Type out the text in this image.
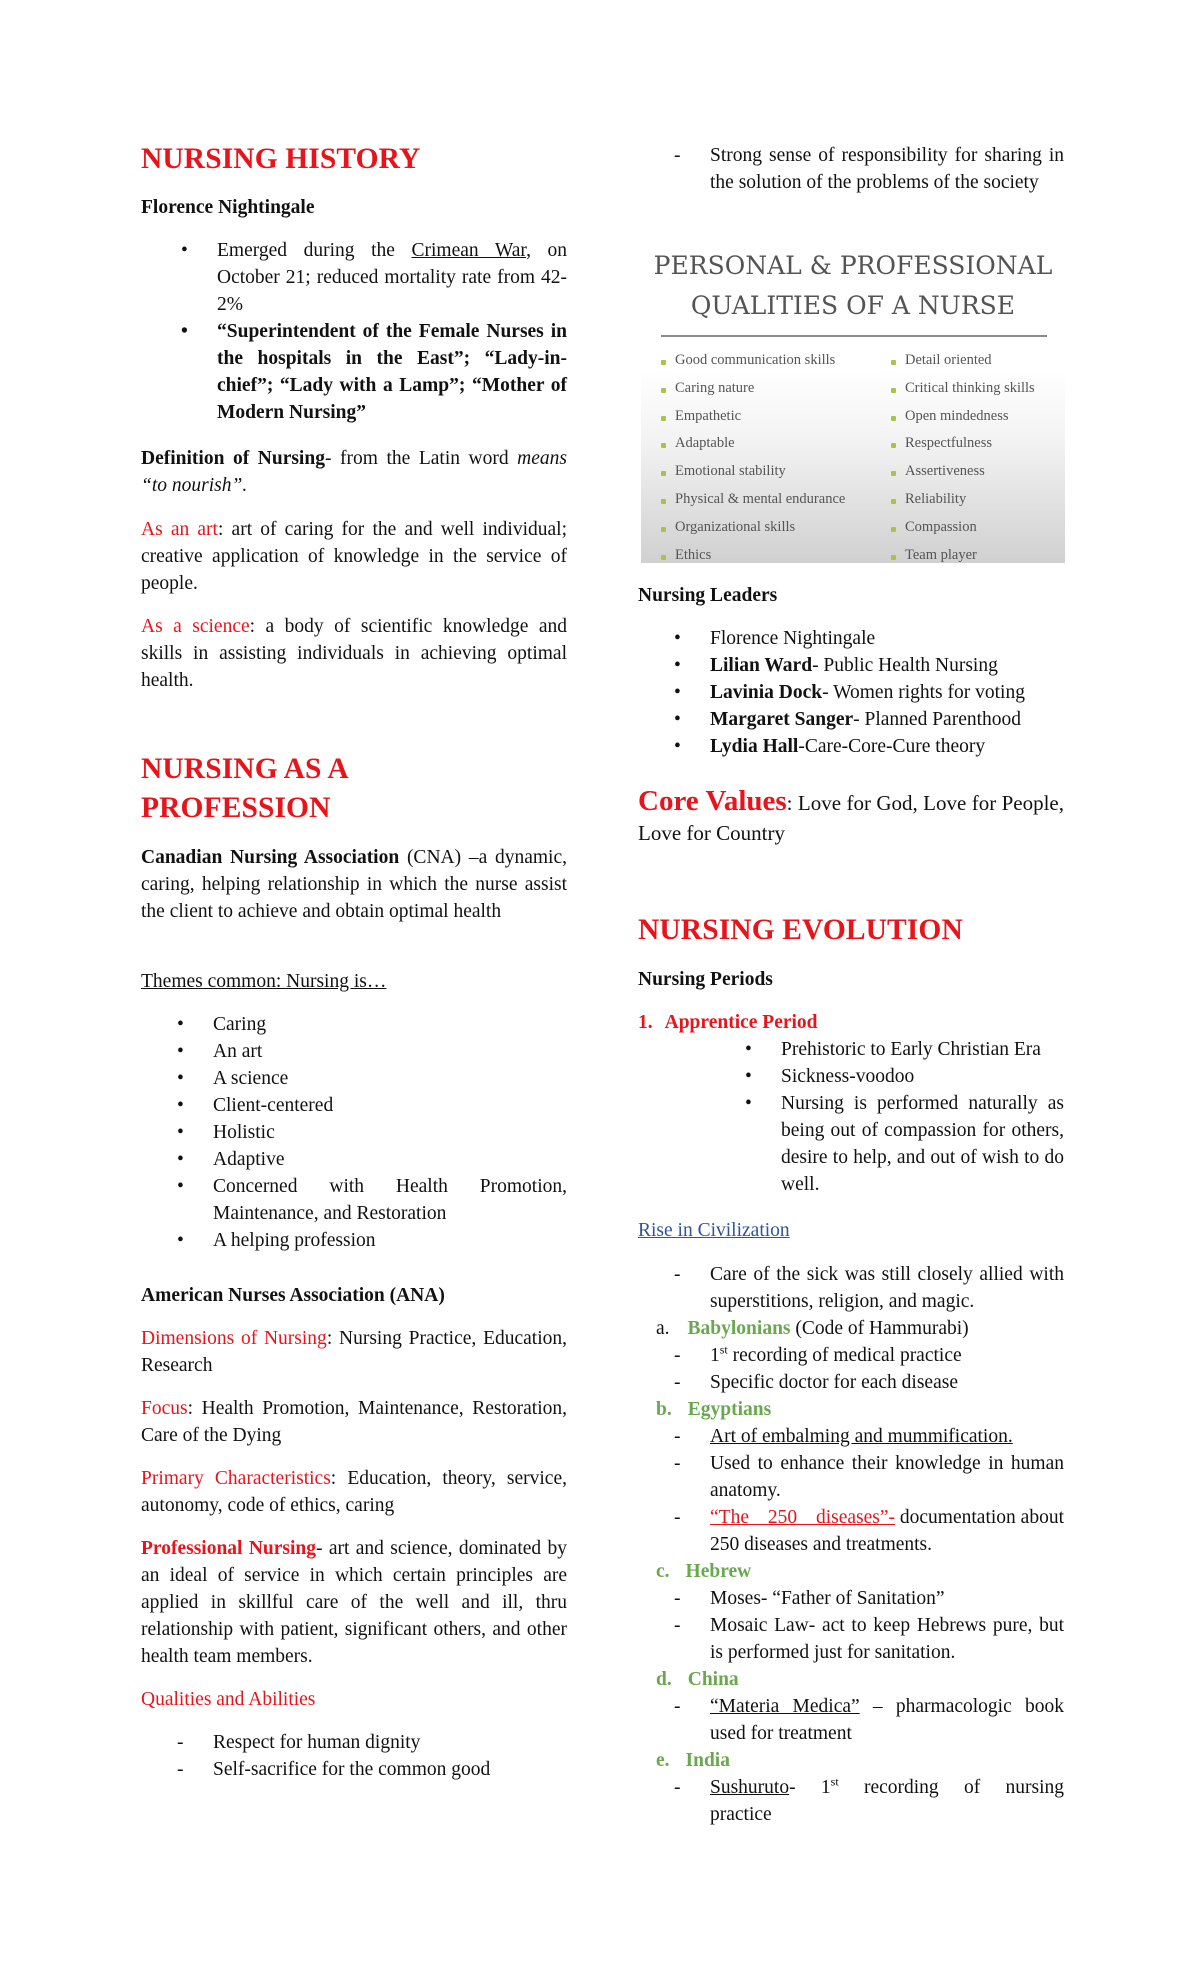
NURSING HISTORY

Florence Nightingale

• Emerged during the Crimean War, on October 21; reduced mortality rate from 42-2%
• “Superintendent of the Female Nurses in the hospitals in the East”; “Lady-in-chief”; “Lady with a Lamp”; “Mother of Modern Nursing”

Definition of Nursing- from the Latin word means “to nourish”.

As an art: art of caring for the and well individual; creative application of knowledge in the service of people.

As a science: a body of scientific knowledge and skills in assisting individuals in achieving optimal health.

NURSING AS A
PROFESSION

Canadian Nursing Association (CNA) –a dynamic, caring, helping relationship in which the nurse assist the client to achieve and obtain optimal health

Themes common: Nursing is…

• Caring
• An art
• A science
• Client-centered
• Holistic
• Adaptive
• Concerned with Health Promotion, Maintenance, and Restoration
• A helping profession

American Nurses Association (ANA)

Dimensions of Nursing: Nursing Practice, Education, Research

Focus: Health Promotion, Maintenance, Restoration, Care of the Dying

Primary Characteristics: Education, theory, service, autonomy, code of ethics, caring

Professional Nursing- art and science, dominated by an ideal of service in which certain principles are applied in skillful care of the well and ill, thru relationship with patient, significant others, and other health team members.

Qualities and Abilities

- Respect for human dignity
- Self-sacrifice for the common good
- Strong sense of responsibility for sharing in the solution of the problems of the society

Nursing Leaders

• Florence Nightingale
• Lilian Ward- Public Health Nursing
• Lavinia Dock- Women rights for voting
• Margaret Sanger- Planned Parenthood
• Lydia Hall-Care-Core-Cure theory

Core Values: Love for God, Love for People, Love for Country

NURSING EVOLUTION

Nursing Periods

1. Apprentice Period

• Prehistoric to Early Christian Era
• Sickness-voodoo
• Nursing is performed naturally as being out of compassion for others, desire to help, and out of wish to do well.

Rise in Civilization

- Care of the sick was still closely allied with superstitions, religion, and magic.

a. Babylonians (Code of Hammurabi)

- 1st recording of medical practice
- Specific doctor for each disease

b. Egyptians

- Art of embalming and mummification.
- Used to enhance their knowledge in human anatomy.
- “The 250 diseases”- documentation about 250 diseases and treatments.

c. Hebrew

- Moses- “Father of Sanitation”
- Mosaic Law- act to keep Hebrews pure, but is performed just for sanitation.

d. China

- “Materia Medica” – pharmacologic book used for treatment

e. India

- Sushuruto- 1st recording of nursing practice
PERSONAL & PROFESSIONAL
QUALITIES OF A NURSE
Good communication skills
Caring nature
Empathetic
Adaptable
Emotional stability
Physical & mental endurance
Organizational skills
Ethics
Detail oriented
Critical thinking skills
Open mindedness
Respectfulness
Assertiveness
Reliability
Compassion
Team player
